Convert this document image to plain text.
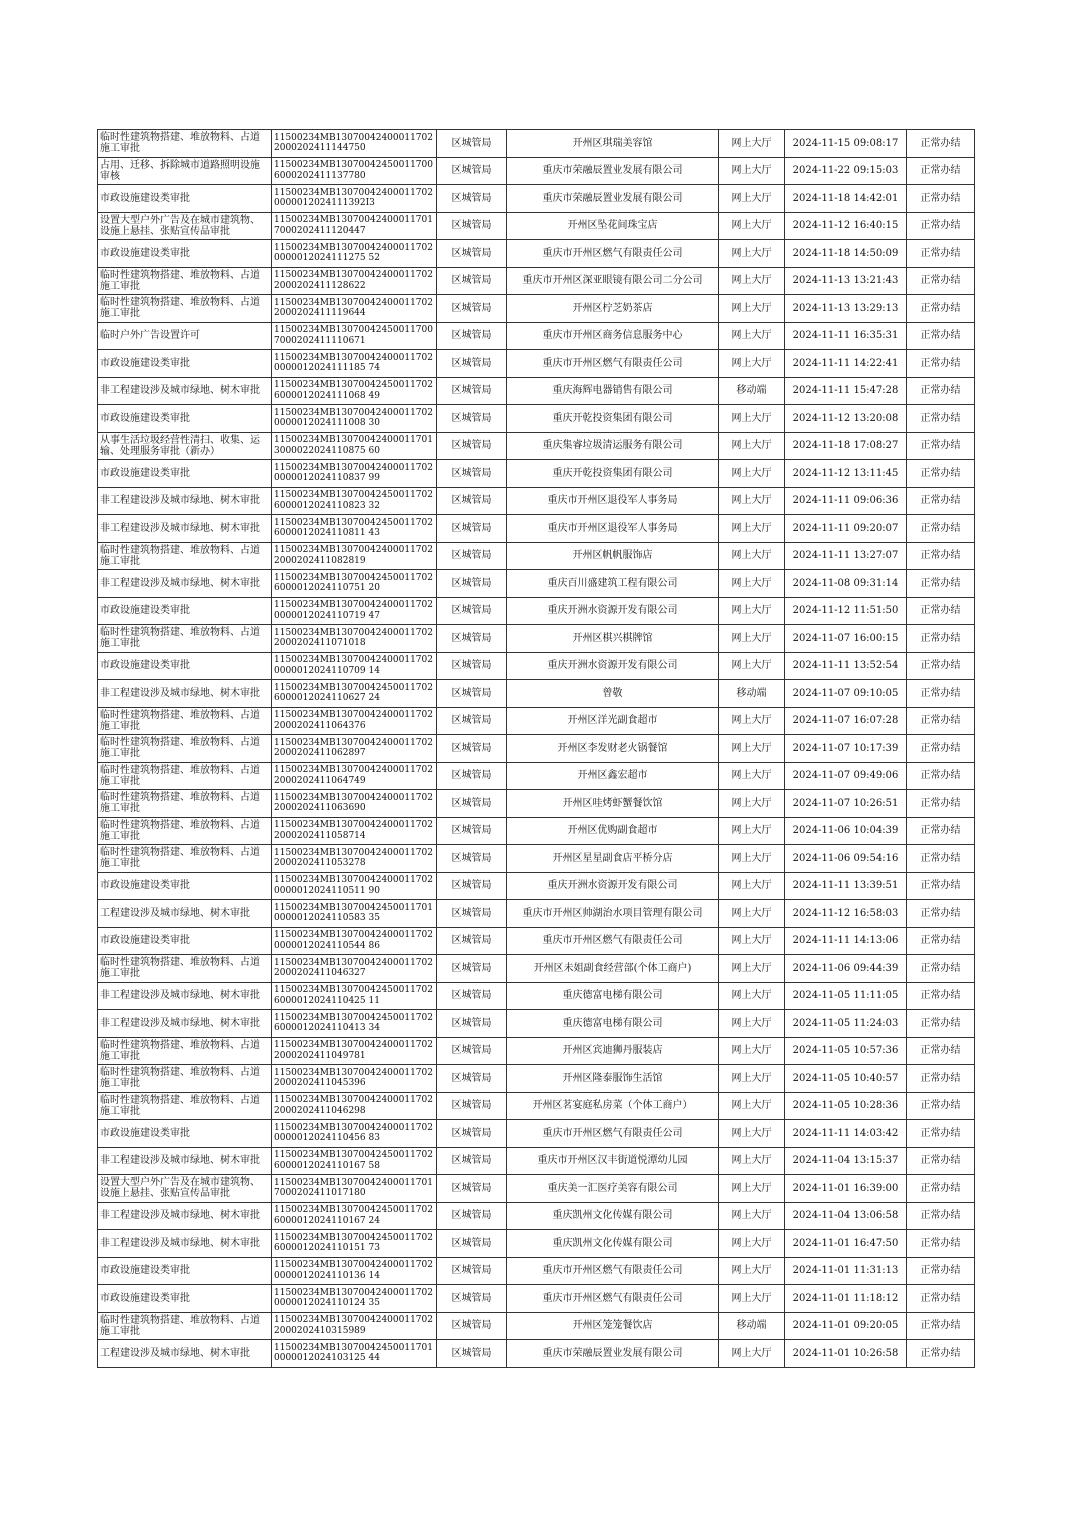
临时性建筑物搭建、堆放物料、占道施工审批	11500234MB130700424000117022000202411144750	区城管局	开州区琪瑞美容馆	网上大厅	2024-11-15 09:08:17	正常办结
占用、迁移、拆除城市道路照明设施审核	11500234MB130700424500117006000202411137780	区城管局	重庆市荣融辰置业发展有限公司	网上大厅	2024-11-22 09:15:03	正常办结
市政设施建设类审批	11500234MB130700424000117020000012024111392I3	区城管局	重庆市荣融辰置业发展有限公司	网上大厅	2024-11-18 14:42:01	正常办结
设置大型户外广告及在城市建筑物、设施上悬挂、张贴宣传品审批	11500234MB130700424000117017000202411120447	区城管局	开州区坠花间珠宝店	网上大厅	2024-11-12 16:40:15	正常办结
市政设施建设类审批	11500234MB130700424000117020000012024111275 52	区城管局	重庆市开州区燃气有限责任公司	网上大厅	2024-11-18 14:50:09	正常办结
临时性建筑物搭建、堆放物料、占道施工审批	11500234MB130700424000117022000202411128622	区城管局	重庆市开州区深亚眼镜有限公司二分公司	网上大厅	2024-11-13 13:21:43	正常办结
临时性建筑物搭建、堆放物料、占道施工审批	11500234MB130700424000117022000202411119644	区城管局	开州区柠芝奶茶店	网上大厅	2024-11-13 13:29:13	正常办结
临时户外广告设置许可	11500234MB130700424500117007000202411110671	区城管局	重庆市开州区商务信息服务中心	网上大厅	2024-11-11 16:35:31	正常办结
市政设施建设类审批	11500234MB130700424000117020000012024111185 74	区城管局	重庆市开州区燃气有限责任公司	网上大厅	2024-11-11 14:22:41	正常办结
非工程建设涉及城市绿地、树木审批	11500234MB130700424500117026000012024111068 49	区城管局	重庆海辉电器销售有限公司	移动端	2024-11-11 15:47:28	正常办结
市政设施建设类审批	11500234MB130700424000117020000012024111008 30	区城管局	重庆开乾投资集团有限公司	网上大厅	2024-11-12 13:20:08	正常办结
从事生活垃圾经营性清扫、收集、运输、处理服务审批（新办）	11500234MB130700424000117013000022024110875 60	区城管局	重庆集睿垃圾清运服务有限公司	网上大厅	2024-11-18 17:08:27	正常办结
市政设施建设类审批	11500234MB130700424000117020000012024110837 99	区城管局	重庆开乾投资集团有限公司	网上大厅	2024-11-12 13:11:45	正常办结
非工程建设涉及城市绿地、树木审批	11500234MB130700424500117026000012024110823 32	区城管局	重庆市开州区退役军人事务局	网上大厅	2024-11-11 09:06:36	正常办结
非工程建设涉及城市绿地、树木审批	11500234MB130700424500117026000012024110811 43	区城管局	重庆市开州区退役军人事务局	网上大厅	2024-11-11 09:20:07	正常办结
临时性建筑物搭建、堆放物料、占道施工审批	11500234MB130700424000117022000202411082819	区城管局	开州区帆帆服饰店	网上大厅	2024-11-11 13:27:07	正常办结
非工程建设涉及城市绿地、树木审批	11500234MB130700424500117026000012024110751 20	区城管局	重庆百川盛建筑工程有限公司	网上大厅	2024-11-08 09:31:14	正常办结
市政设施建设类审批	11500234MB130700424000117020000012024110719 47	区城管局	重庆开洲水资源开发有限公司	网上大厅	2024-11-12 11:51:50	正常办结
临时性建筑物搭建、堆放物料、占道施工审批	11500234MB130700424000117022000202411071018	区城管局	开州区棋兴棋牌馆	网上大厅	2024-11-07 16:00:15	正常办结
市政设施建设类审批	11500234MB130700424000117020000012024110709 14	区城管局	重庆开洲水资源开发有限公司	网上大厅	2024-11-11 13:52:54	正常办结
非工程建设涉及城市绿地、树木审批	11500234MB130700424500117026000012024110627 24	区城管局	曾敬	移动端	2024-11-07 09:10:05	正常办结
临时性建筑物搭建、堆放物料、占道施工审批	11500234MB130700424000117022000202411064376	区城管局	开州区洋光副食超市	网上大厅	2024-11-07 16:07:28	正常办结
临时性建筑物搭建、堆放物料、占道施工审批	11500234MB130700424000117022000202411062897	区城管局	开州区李发财老火锅餐馆	网上大厅	2024-11-07 10:17:39	正常办结
临时性建筑物搭建、堆放物料、占道施工审批	11500234MB130700424000117022000202411064749	区城管局	开州区鑫宏超市	网上大厅	2024-11-07 09:49:06	正常办结
临时性建筑物搭建、堆放物料、占道施工审批	11500234MB130700424000117022000202411063690	区城管局	开州区哇烤虾蟹餐饮馆	网上大厅	2024-11-07 10:26:51	正常办结
临时性建筑物搭建、堆放物料、占道施工审批	11500234MB130700424000117022000202411058714	区城管局	开州区优购副食超市	网上大厅	2024-11-06 10:04:39	正常办结
临时性建筑物搭建、堆放物料、占道施工审批	11500234MB130700424000117022000202411053278	区城管局	开州区星星副食店平桥分店	网上大厅	2024-11-06 09:54:16	正常办结
市政设施建设类审批	11500234MB130700424000117020000012024110511 90	区城管局	重庆开洲水资源开发有限公司	网上大厅	2024-11-11 13:39:51	正常办结
工程建设涉及城市绿地、树木审批	11500234MB130700424500117010000012024110583 35	区城管局	重庆市开州区帅湖治水项目管理有限公司	网上大厅	2024-11-12 16:58:03	正常办结
市政设施建设类审批	11500234MB130700424000117020000012024110544 86	区城管局	重庆市开州区燃气有限责任公司	网上大厅	2024-11-11 14:13:06	正常办结
临时性建筑物搭建、堆放物料、占道施工审批	11500234MB130700424000117022000202411046327	区城管局	开州区未姐副食经营部(个体工商户)	网上大厅	2024-11-06 09:44:39	正常办结
非工程建设涉及城市绿地、树木审批	11500234MB130700424500117026000012024110425 11	区城管局	重庆德富电梯有限公司	网上大厅	2024-11-05 11:11:05	正常办结
非工程建设涉及城市绿地、树木审批	11500234MB130700424500117026000012024110413 34	区城管局	重庆德富电梯有限公司	网上大厅	2024-11-05 11:24:03	正常办结
临时性建筑物搭建、堆放物料、占道施工审批	11500234MB130700424000117022000202411049781	区城管局	开州区宾迪狮丹服装店	网上大厅	2024-11-05 10:57:36	正常办结
临时性建筑物搭建、堆放物料、占道施工审批	11500234MB130700424000117022000202411045396	区城管局	开州区隆泰服饰生活馆	网上大厅	2024-11-05 10:40:57	正常办结
临时性建筑物搭建、堆放物料、占道施工审批	11500234MB130700424000117022000202411046298	区城管局	开州区茗宴庭私房菜（个体工商户）	网上大厅	2024-11-05 10:28:36	正常办结
市政设施建设类审批	11500234MB130700424000117020000012024110456 83	区城管局	重庆市开州区燃气有限责任公司	网上大厅	2024-11-11 14:03:42	正常办结
非工程建设涉及城市绿地、树木审批	11500234MB130700424500117026000012024110167 58	区城管局	重庆市开州区汉丰街道悦潭幼儿园	网上大厅	2024-11-04 13:15:37	正常办结
设置大型户外广告及在城市建筑物、设施上悬挂、张贴宣传品审批	11500234MB130700424000117017000202411017180	区城管局	重庆美一汇医疗美容有限公司	网上大厅	2024-11-01 16:39:00	正常办结
非工程建设涉及城市绿地、树木审批	11500234MB130700424500117026000012024110167 24	区城管局	重庆凯州文化传媒有限公司	网上大厅	2024-11-04 13:06:58	正常办结
非工程建设涉及城市绿地、树木审批	11500234MB130700424500117026000012024110151 73	区城管局	重庆凯州文化传媒有限公司	网上大厅	2024-11-01 16:47:50	正常办结
市政设施建设类审批	11500234MB130700424000117020000012024110136 14	区城管局	重庆市开州区燃气有限责任公司	网上大厅	2024-11-01 11:31:13	正常办结
市政设施建设类审批	11500234MB130700424000117020000012024110124 35	区城管局	重庆市开州区燃气有限责任公司	网上大厅	2024-11-01 11:18:12	正常办结
临时性建筑物搭建、堆放物料、占道施工审批	11500234MB130700424000117022000202410315989	区城管局	开州区笼笼餐饮店	移动端	2024-11-01 09:20:05	正常办结
工程建设涉及城市绿地、树木审批	11500234MB130700424500117010000012024103125 44	区城管局	重庆市荣融辰置业发展有限公司	网上大厅	2024-11-01 10:26:58	正常办结
